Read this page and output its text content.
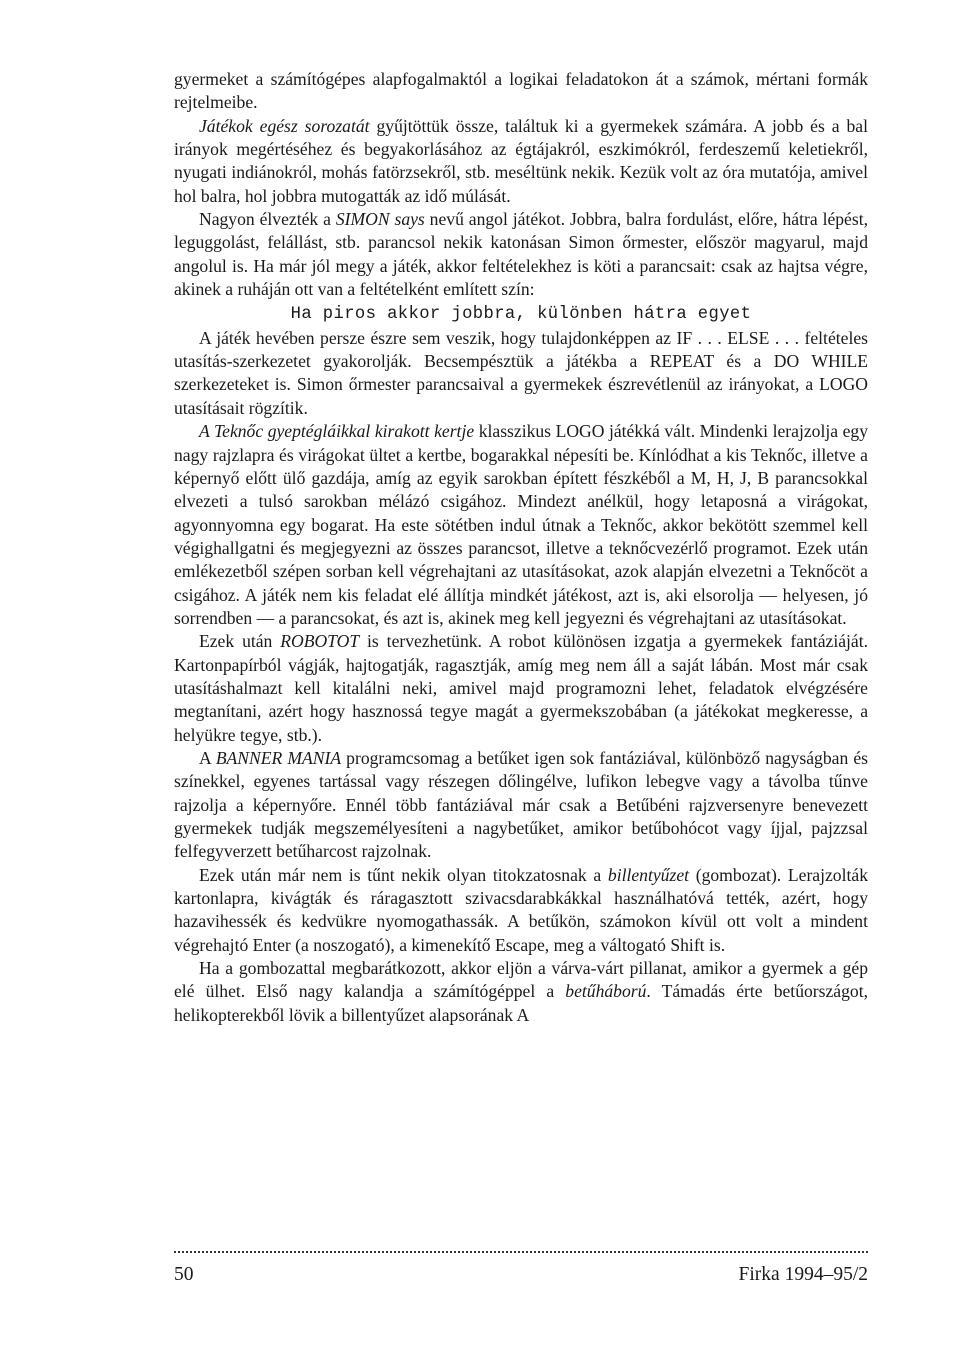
gyermeket a számítógépes alapfogalmaktól a logikai feladatokon át a számok, mértani formák rejtelmeibe.

Játékok egész sorozatát gyűjtöttük össze, találtuk ki a gyermekek számára. A jobb és a bal irányok megértéséhez és begyakorlásához az égtájakról, eszkimókról, ferdeszemű keletiekről, nyugati indiánokról, mohás fatörzsekről, stb. meséltünk nekik. Kezük volt az óra mutatója, amivel hol balra, hol jobbra mutogatták az idő múlását.

Nagyon élvezték a SIMON says nevű angol játékot. Jobbra, balra fordulást, előre, hátra lépést, leguggolást, felállást, stb. parancsol nekik katonásan Simon őrmester, először magyarul, majd angolul is. Ha már jól megy a játék, akkor feltételekhez is köti a parancsait: csak az hajtsa végre, akinek a ruháján ott van a feltételként említett szín:

Ha piros akkor jobbra, különben hátra egyet

A játék hevében persze észre sem veszik, hogy tulajdonképpen az IF . . . ELSE . . . feltételes utasítás-szerkezetet gyakorolják. Becsempésztük a játékba a REPEAT és a DO WHILE szerkezeteket is. Simon őrmester parancsaival a gyermekek észrevétlenül az irányokat, a LOGO utasításait rögzítik.

A Teknőc gyeptégláikkal kirakott kertje klasszikus LOGO játékká vált. Mindenki lerajzolja egy nagy rajzlapra és virágokat ültet a kertbe, bogarakkal népesíti be. Kínlódhat a kis Teknőc, illetve a képernyő előtt ülő gazdája, amíg az egyik sarokban épített fészkéből a M, H, J, B parancsokkal elvezeti a tulsó sarokban mélázó csigához. Mindezt anélkül, hogy letaposná a virágokat, agyonnyomna egy bogarat. Ha este sötétben indul útnak a Teknőc, akkor bekötött szemmel kell végighallgatni és megjegyezni az összes parancsot, illetve a teknőcvezérlő programot. Ezek után emlékezetből szépen sorban kell végrehajtani az utasításokat, azok alapján elvezetni a Teknőcöt a csigához. A játék nem kis feladat elé állítja mindkét játékost, azt is, aki elsorolja — helyesen, jó sorrendben — a parancsokat, és azt is, akinek meg kell jegyezni és végrehajtani az utasításokat.

Ezek után ROBOTOT is tervezhetünk. A robot különösen izgatja a gyermekek fantáziáját. Kartonpapírból vágják, hajtogatják, ragasztják, amíg meg nem áll a saját lábán. Most már csak utasításhalmazt kell kitalálni neki, amivel majd programozni lehet, feladatok elvégzésére megtanítani, azért hogy hasznossá tegye magát a gyermekszobában (a játékokat megkeresse, a helyükre tegye, stb.).

A BANNER MANIA programcsomag a betűket igen sok fantáziával, különböző nagyságban és színekkel, egyenes tartással vagy részegen dőlingélve, lufikon lebegve vagy a távolba tűnve rajzolja a képernyőre. Ennél több fantáziával már csak a Betűbéni rajzversenyre benevezett gyermekek tudják megszemélyesíteni a nagybetűket, amikor betűbohócot vagy íjjal, pajzzsal felfegyverzett betűharcost rajzolnak.

Ezek után már nem is tűnt nekik olyan titokzatosnak a billentyűzet (gombozat). Lerajzolták kartonlapra, kivágták és ráragasztott szivacsdarabkákkal használhatóvá tették, azért, hogy hazavihessék és kedvükre nyomogathassák. A betűkön, számokon kívül ott volt a mindent végrehajtó Enter (a noszogató), a kimenekítő Escape, meg a váltogató Shift is.

Ha a gombozattal megbarátkozott, akkor eljön a várva-várt pillanat, amikor a gyermek a gép elé ülhet. Első nagy kalandja a számítógéppel a betűháború. Támadás érte betűországot, helikopterekből lövik a billentyűzet alapsorának A

50	Firka 1994–95/2
